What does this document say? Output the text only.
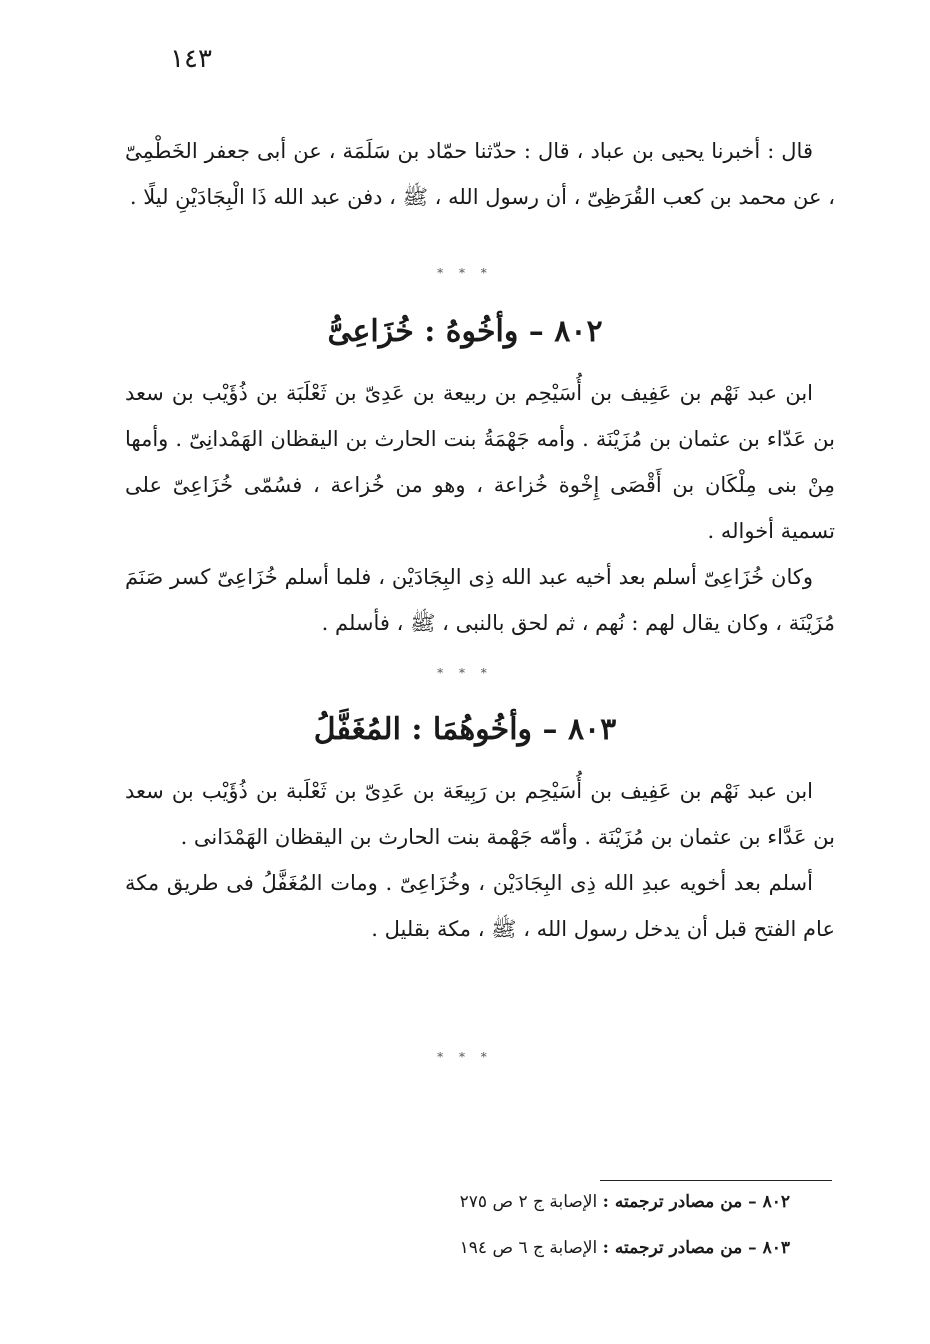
١٤٣

قال : أخبرنا يحيى بن عباد ، قال : حدّثنا حمّاد بن سَلَمَة ، عن أبى جعفر الخَطْمِىّ ، عن محمد بن كعب القُرَظِىّ ، أن رسول الله ، ﷺ ، دفن عبد الله ذَا الْبِجَادَيْنِ ليلًا .

* * *
٨٠٢ – وأخُوهُ : خُزَاعِىُّ

ابن عبد نَهْم بن عَفِيف بن أُسَيْحِم بن ربيعة بن عَدِىّ بن ثَعْلَبَة بن ذُؤَيْب بن سعد بن عَدّاء بن عثمان بن مُزَيْنَة . وأمه جَهْمَةُ بنت الحارث بن اليقظان الهَمْدانِىّ . وأمها مِنْ بنى مِلْكَان بن أَقْصَى إِخْوة خُزاعة ، وهو من خُزاعة ، فسُمّى خُزَاعِىّ على تسمية أخواله .

وكان خُزَاعِىّ أسلم بعد أخيه عبد الله ذِى البِجَادَيْن ، فلما أسلم خُزَاعِىّ كسر صَنَمَ مُزَيْنَة ، وكان يقال لهم : نُهم ، ثم لحق بالنبى ، ﷺ ، فأسلم .

* * *
٨٠٣ – وأخُوهُمَا : المُغَفَّلُ

ابن عبد نَهْم بن عَفِيف بن أُسَيْحِم بن رَبِيعَة بن عَدِىّ بن ثَعْلَبة بن ذُؤَيْب بن سعد بن عَدَّاء بن عثمان بن مُزَيْنَة . وأمّه جَهْمة بنت الحارث بن اليقظان الهَمْدَانى .

أسلم بعد أخويه عبدِ الله ذِى البِجَادَيْن ، وخُزَاعِىّ . ومات المُغَفَّلُ فى طريق مكة عام الفتح قبل أن يدخل رسول الله ، ﷺ ، مكة بقليل .

* * *
٨٠٢ – من مصادر ترجمته : الإصابة ج ٢ ص ٢٧٥
٨٠٣ – من مصادر ترجمته : الإصابة ج ٦ ص ١٩٤
